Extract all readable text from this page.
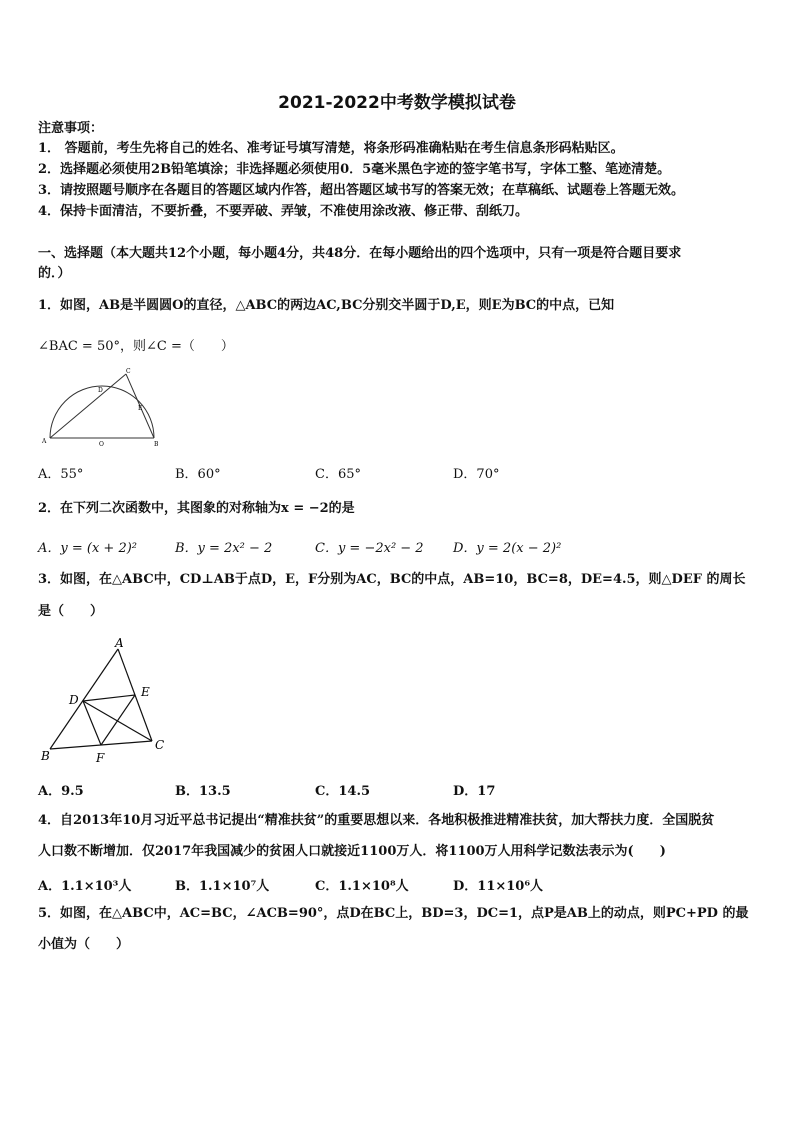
2021-2022中考数学模拟试卷
注意事项：
1． 答题前，考生先将自己的姓名、准考证号填写清楚，将条形码准确粘贴在考生信息条形码粘贴区。
2．选择题必须使用2B铅笔填涂；非选择题必须使用0．5毫米黑色字迹的签字笔书写，字体工整、笔迹清楚。
3．请按照题号顺序在各题目的答题区域内作答，超出答题区域书写的答案无效；在草稿纸、试题卷上答题无效。
4．保持卡面清洁，不要折叠，不要弄破、弄皱，不准使用涂改液、修正带、刮纸刀。
一、选择题（本大题共12个小题，每小题4分，共48分．在每小题给出的四个选项中，只有一项是符合题目要求
的．）
1．如图，AB是半圆圆O的直径，△ABC的两边AC,BC分别交半圆于D,E，则E为BC的中点，已知
∠BAC = 50°，则∠C =（　　）
A	O	B
C
D
E
A．55°	B．60°	C．65°	D．70°
2．在下列二次函数中，其图象的对称轴为x = −2的是
A．y = (x + 2)²	B．y = 2x² − 2	C．y = −2x² − 2 D．y = 2(x − 2)²
3．如图，在△ABC中，CD⊥AB于点D，E，F分别为AC，BC的中点，AB=10，BC=8，DE=4.5，则△DEF 的周长
是（　　）
A
D
E
B	F
C
A．9.5	B．13.5	C．14.5	D．17
4．自2013年10月习近平总书记提出“精准扶贫”的重要思想以来．各地积极推进精准扶贫，加大帮扶力度．全国脱贫
人口数不断增加．仅2017年我国减少的贫困人口就接近1100万人．将1100万人用科学记数法表示为(　　)
A．1.1×10³人	B．1.1×10⁷人	C．1.1×10⁸人	D．11×10⁶人
5．如图，在△ABC中，AC=BC，∠ACB=90°，点D在BC上，BD=3，DC=1，点P是AB上的动点，则PC+PD 的最
小值为（　　）
